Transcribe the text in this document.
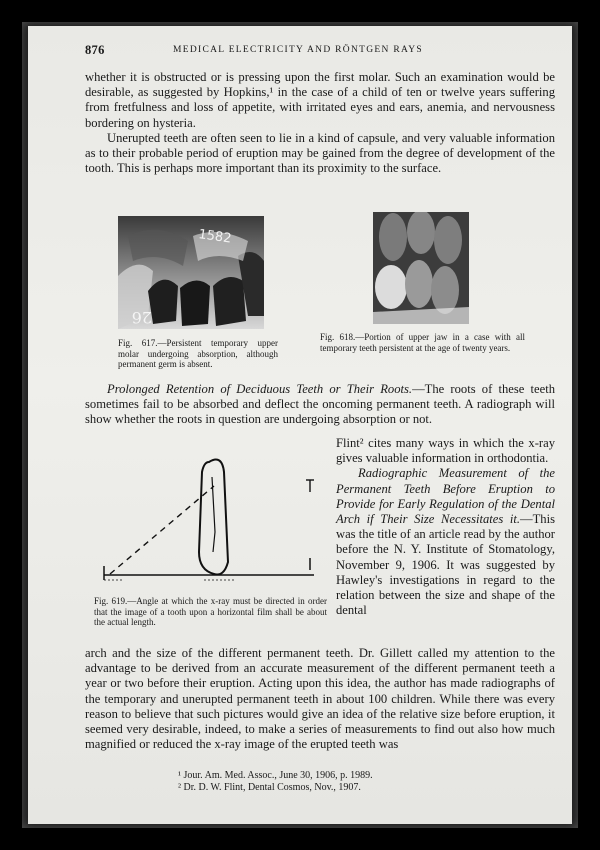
876	MEDICAL ELECTRICITY AND RÖNTGEN RAYS

whether it is obstructed or is pressing upon the first molar. Such an examination would be desirable, as suggested by Hopkins,¹ in the case of a child of ten or twelve years suffering from fretfulness and loss of appetite, with irritated eyes and ears, anemia, and nervousness bordering on hysteria.

Unerupted teeth are often seen to lie in a kind of capsule, and very valuable information as to their probable period of eruption may be gained from the degree of development of the tooth. This is perhaps more important than its proximity to the surface.

1582
26
Fig. 617.—Persistent temporary upper molar undergoing absorption, although permanent germ is absent.
Fig. 618.—Portion of upper jaw in a case with all temporary teeth persistent at the age of twenty years.

Prolonged Retention of Deciduous Teeth or Their Roots.—The roots of these teeth sometimes fail to be absorbed and deflect the oncoming permanent teeth. A radiograph will show whether the roots in question are undergoing absorption or not.

Fig. 619.—Angle at which the x-ray must be directed in order that the image of a tooth upon a horizontal film shall be about the actual length.

Flint² cites many ways in which the x-ray gives valuable information in orthodontia.

Radiographic Measurement of the Permanent Teeth Before Eruption to Provide for Early Regulation of the Dental Arch if Their Size Necessitates it.—This was the title of an article read by the author before the N. Y. Institute of Stomatology, November 9, 1906. It was suggested by Hawley's investigations in regard to the relation between the size and shape of the dental

arch and the size of the different permanent teeth. Dr. Gillett called my attention to the advantage to be derived from an accurate measurement of the different permanent teeth a year or two before their eruption. Acting upon this idea, the author has made radiographs of the temporary and unerupted permanent teeth in about 100 children. While there was every reason to believe that such pictures would give an idea of the relative size before eruption, it seemed very desirable, indeed, to make a series of measurements to find out also how much magnified or reduced the x-ray image of the erupted teeth was

¹ Jour. Am. Med. Assoc., June 30, 1906, p. 1989.
² Dr. D. W. Flint, Dental Cosmos, Nov., 1907.
